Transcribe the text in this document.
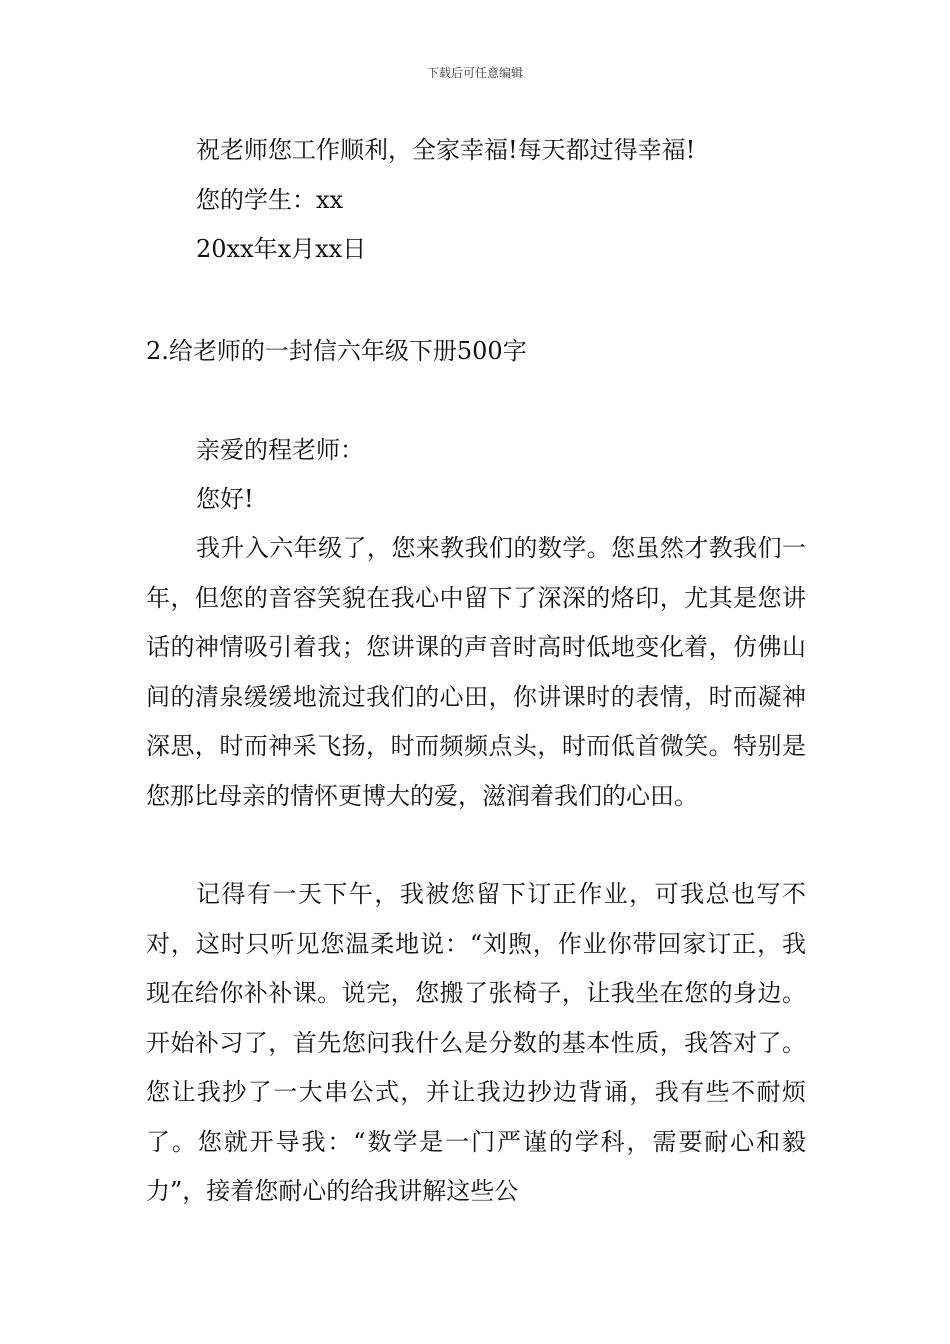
下载后可任意编辑
祝老师您工作顺利，全家幸福!每天都过得幸福!
您的学生：xx
20xx年x月xx日
2.给老师的一封信六年级下册500字
亲爱的程老师：
您好!

我升入六年级了，您来教我们的数学。您虽然才教我们一年，但您的音容笑貌在我心中留下了深深的烙印，尤其是您讲话的神情吸引着我；您讲课的声音时高时低地变化着，仿佛山间的清泉缓缓地流过我们的心田，你讲课时的表情，时而凝神深思，时而神采飞扬，时而频频点头，时而低首微笑。特别是您那比母亲的情怀更博大的爱，滋润着我们的心田。

记得有一天下午，我被您留下订正作业，可我总也写不对，这时只听见您温柔地说：“刘煦，作业你带回家订正，我现在给你补补课。说完，您搬了张椅子，让我坐在您的身边。开始补习了，首先您问我什么是分数的基本性质，我答对了。您让我抄了一大串公式，并让我边抄边背诵，我有些不耐烦了。您就开导我：“数学是一门严谨的学科，需要耐心和毅力”，接着您耐心的给我讲解这些公
